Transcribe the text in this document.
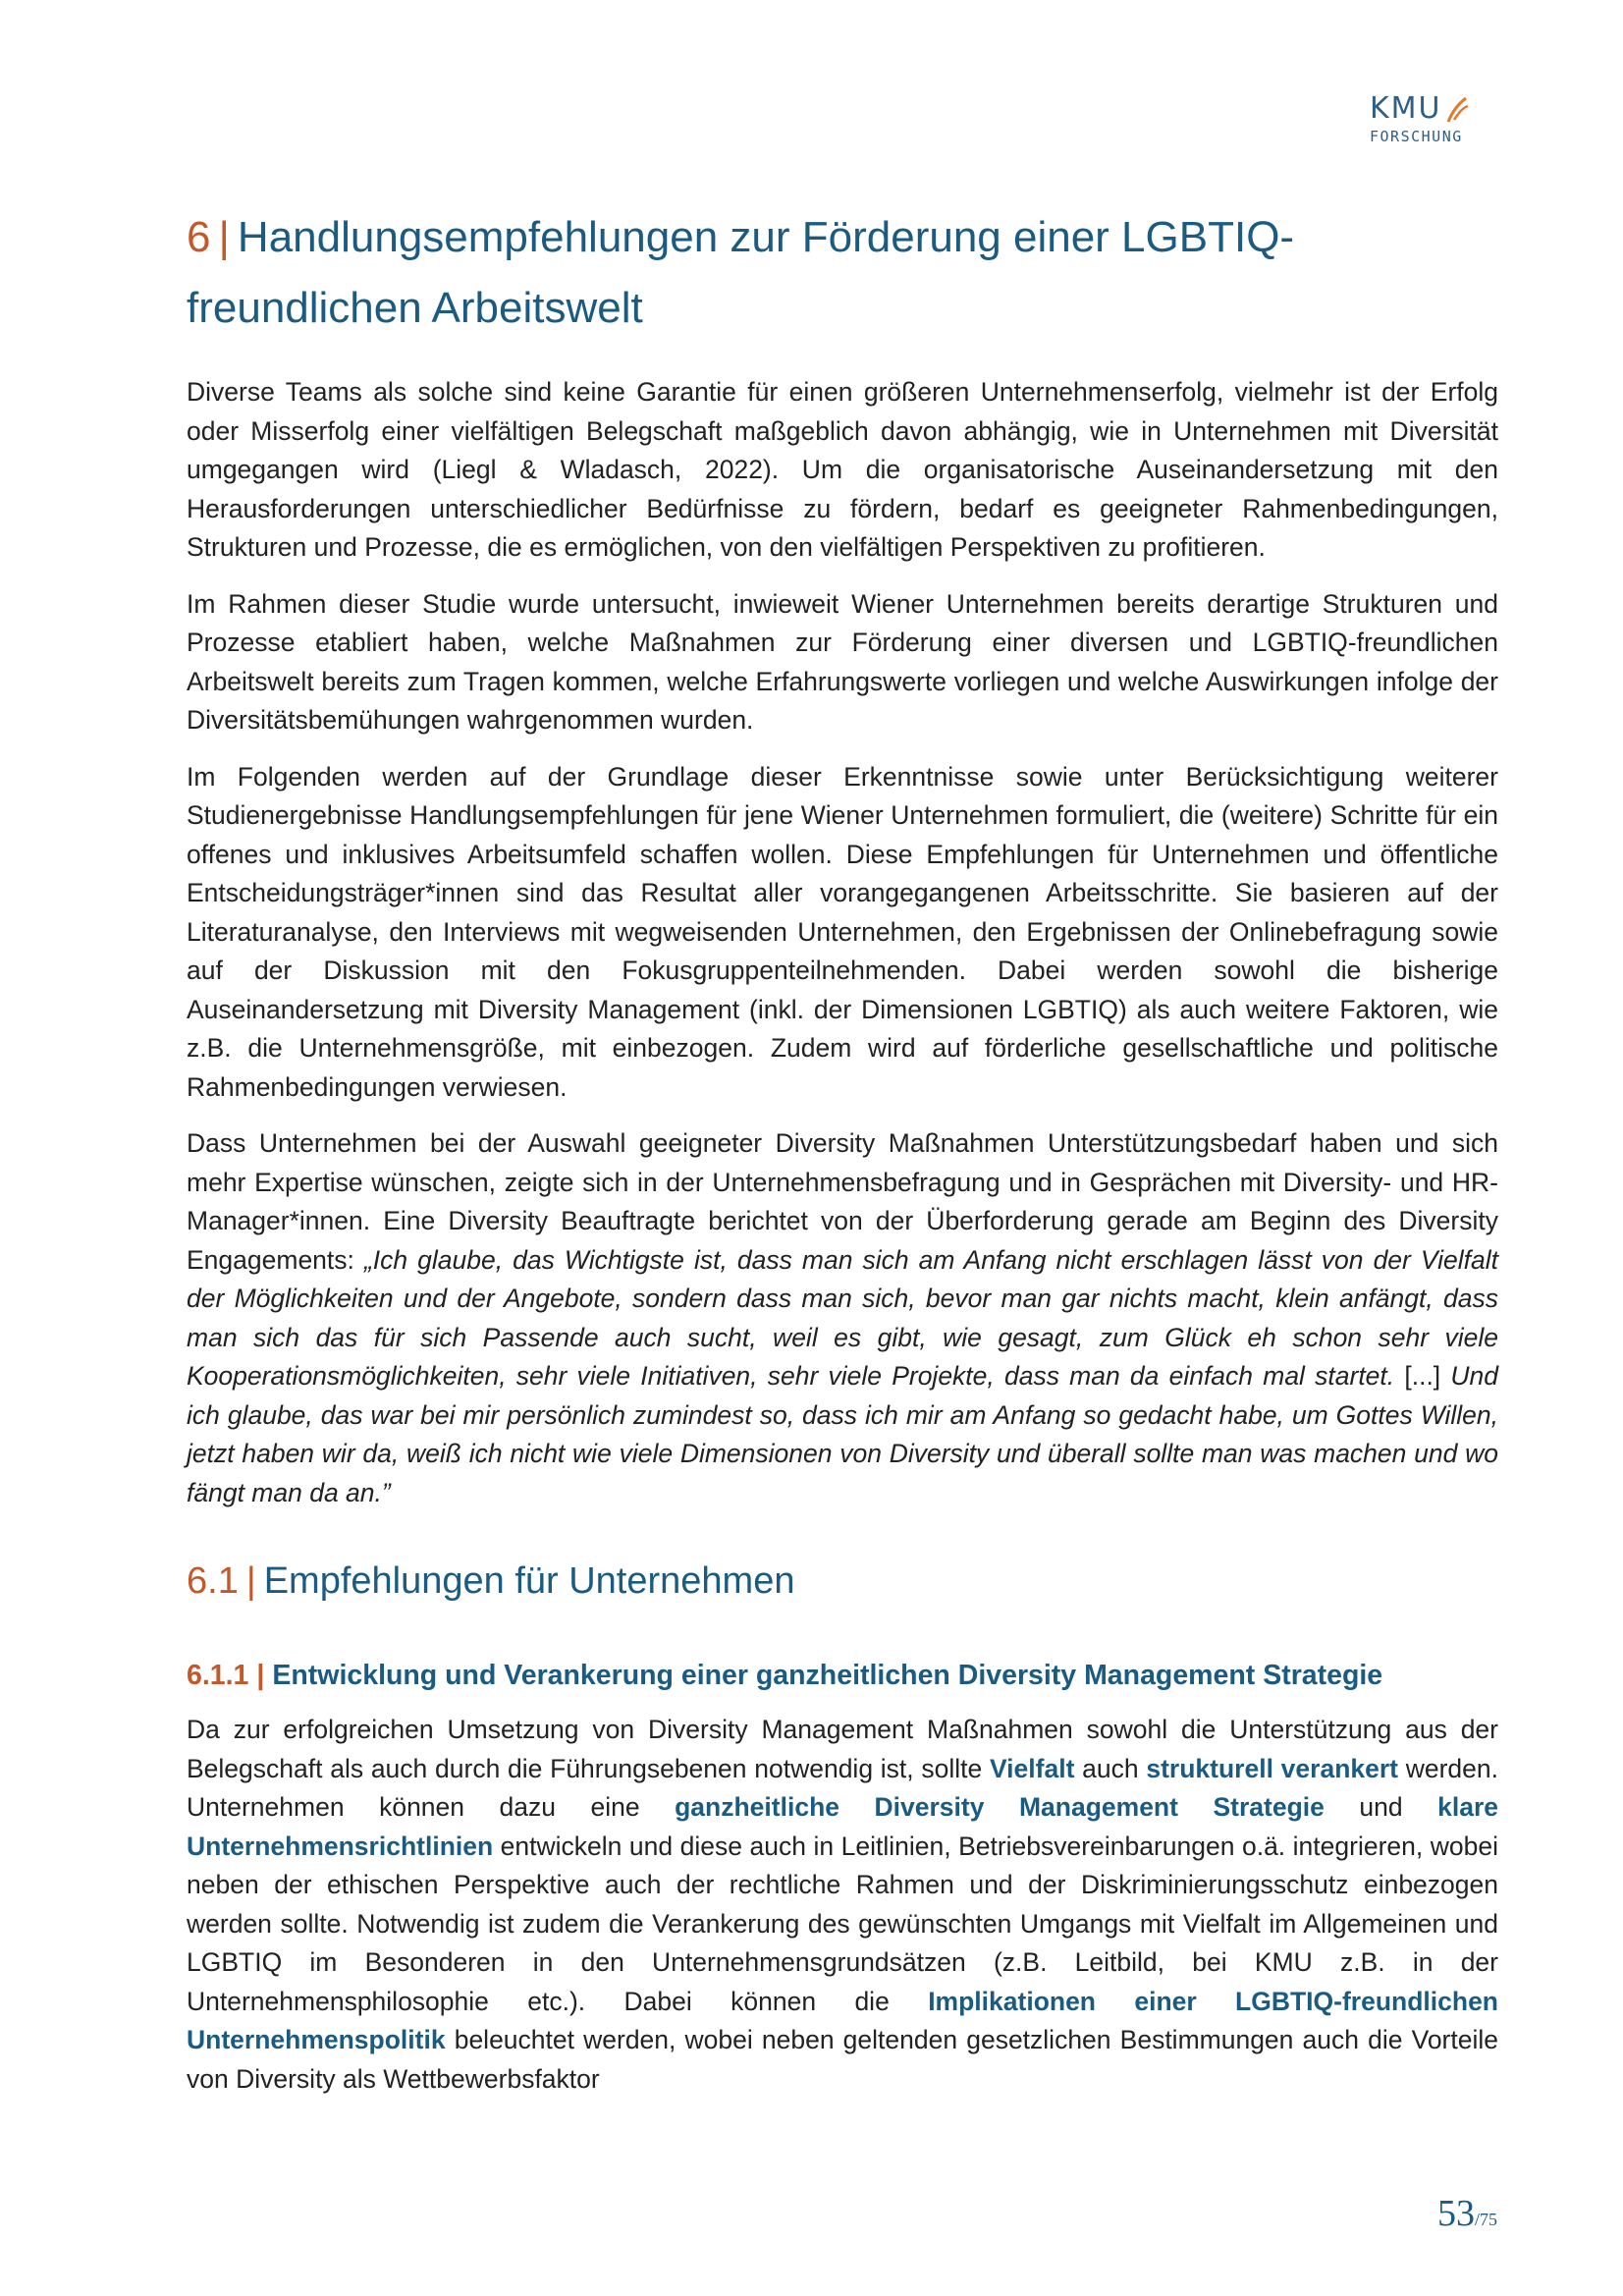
KMU
FORSCHUNG
6 | Handlungsempfehlungen zur Förderung einer LGBTIQ-freundlichen Arbeitswelt

Diverse Teams als solche sind keine Garantie für einen größeren Unternehmenserfolg, vielmehr ist der Erfolg oder Misserfolg einer vielfältigen Belegschaft maßgeblich davon abhängig, wie in Unternehmen mit Diversität umgegangen wird (Liegl & Wladasch, 2022). Um die organisatorische Auseinandersetzung mit den Herausforderungen unterschiedlicher Bedürfnisse zu fördern, bedarf es geeigneter Rahmenbedingungen, Strukturen und Prozesse, die es ermöglichen, von den vielfältigen Perspektiven zu profitieren.

Im Rahmen dieser Studie wurde untersucht, inwieweit Wiener Unternehmen bereits derartige Strukturen und Prozesse etabliert haben, welche Maßnahmen zur Förderung einer diversen und LGBTIQ-freundlichen Arbeitswelt bereits zum Tragen kommen, welche Erfahrungswerte vorliegen und welche Auswirkungen infolge der Diversitätsbemühungen wahrgenommen wurden.

Im Folgenden werden auf der Grundlage dieser Erkenntnisse sowie unter Berücksichtigung weiterer Studienergebnisse Handlungsempfehlungen für jene Wiener Unternehmen formuliert, die (weitere) Schritte für ein offenes und inklusives Arbeitsumfeld schaffen wollen. Diese Empfehlungen für Unternehmen und öffentliche Entscheidungsträger*innen sind das Resultat aller vorangegangenen Arbeitsschritte. Sie basieren auf der Literaturanalyse, den Interviews mit wegweisenden Unternehmen, den Ergebnissen der Onlinebefragung sowie auf der Diskussion mit den Fokusgruppenteilnehmenden. Dabei werden sowohl die bisherige Auseinandersetzung mit Diversity Management (inkl. der Dimensionen LGBTIQ) als auch weitere Faktoren, wie z.B. die Unternehmensgröße, mit einbezogen. Zudem wird auf förderliche gesellschaftliche und politische Rahmenbedingungen verwiesen.

Dass Unternehmen bei der Auswahl geeigneter Diversity Maßnahmen Unterstützungsbedarf haben und sich mehr Expertise wünschen, zeigte sich in der Unternehmensbefragung und in Gesprächen mit Diversity- und HR-Manager*innen. Eine Diversity Beauftragte berichtet von der Überforderung gerade am Beginn des Diversity Engagements: „Ich glaube, das Wichtigste ist, dass man sich am Anfang nicht erschlagen lässt von der Vielfalt der Möglichkeiten und der Angebote, sondern dass man sich, bevor man gar nichts macht, klein anfängt, dass man sich das für sich Passende auch sucht, weil es gibt, wie gesagt, zum Glück eh schon sehr viele Kooperationsmöglichkeiten, sehr viele Initiativen, sehr viele Projekte, dass man da einfach mal startet. [...] Und ich glaube, das war bei mir persönlich zumindest so, dass ich mir am Anfang so gedacht habe, um Gottes Willen, jetzt haben wir da, weiß ich nicht wie viele Dimensionen von Diversity und überall sollte man was machen und wo fängt man da an.”

6.1 | Empfehlungen für Unternehmen
6.1.1 | Entwicklung und Verankerung einer ganzheitlichen Diversity Management Strategie

Da zur erfolgreichen Umsetzung von Diversity Management Maßnahmen sowohl die Unterstützung aus der Belegschaft als auch durch die Führungsebenen notwendig ist, sollte Vielfalt auch strukturell verankert werden. Unternehmen können dazu eine ganzheitliche Diversity Management Strategie und klare Unternehmensrichtlinien entwickeln und diese auch in Leitlinien, Betriebsvereinbarungen o.ä. integrieren, wobei neben der ethischen Perspektive auch der rechtliche Rahmen und der Diskriminierungsschutz einbezogen werden sollte. Notwendig ist zudem die Verankerung des gewünschten Umgangs mit Vielfalt im Allgemeinen und LGBTIQ im Besonderen in den Unternehmensgrundsätzen (z.B. Leitbild, bei KMU z.B. in der Unternehmensphilosophie etc.). Dabei können die Implikationen einer LGBTIQ-freundlichen Unternehmenspolitik beleuchtet werden, wobei neben geltenden gesetzlichen Bestimmungen auch die Vorteile von Diversity als Wettbewerbsfaktor

53/75
